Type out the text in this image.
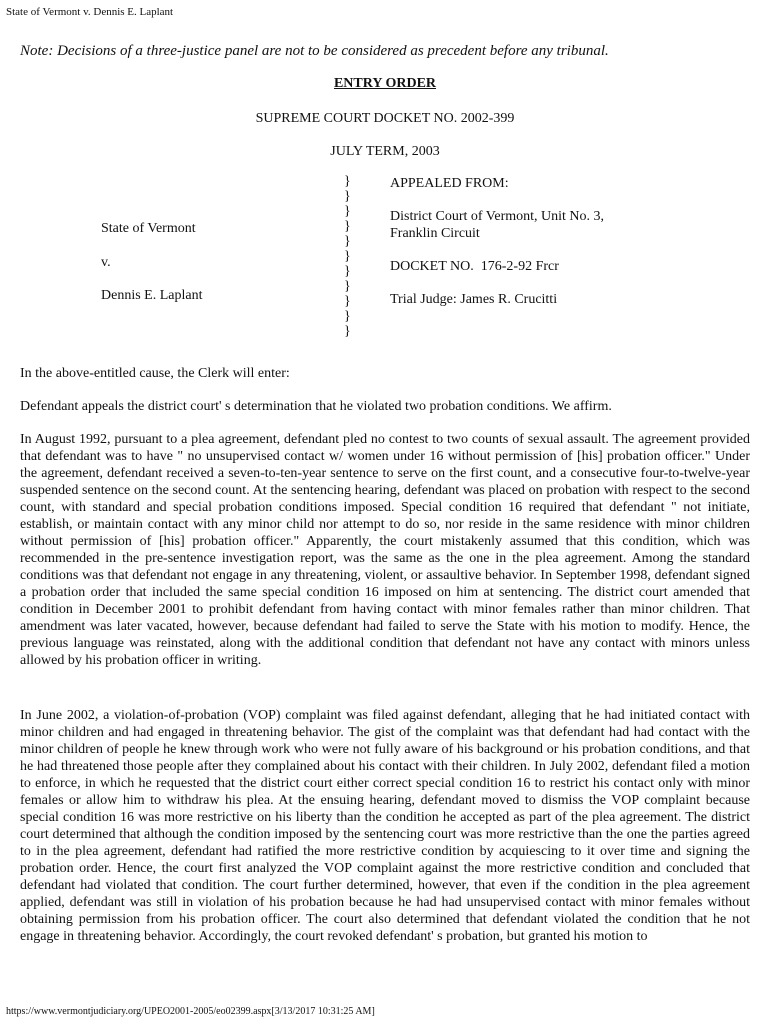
State of Vermont v. Dennis E. Laplant
Note: Decisions of a three-justice panel are not to be considered as precedent before any tribunal.
ENTRY ORDER
SUPREME COURT DOCKET NO. 2002-399
JULY TERM, 2003
}
}
}
}
}
}
}
}
}
}
}
State of Vermont
v.
Dennis E. Laplant
APPEALED FROM:
District Court of Vermont, Unit No. 3, Franklin Circuit
DOCKET NO.  176-2-92 Frcr
Trial Judge: James R. Crucitti
In the above-entitled cause, the Clerk will enter:
Defendant appeals the district court' s determination that he violated two probation conditions. We affirm.

In August 1992, pursuant to a plea agreement, defendant pled no contest to two counts of sexual assault. The agreement provided that defendant was to have " no unsupervised contact w/ women under 16 without permission of [his] probation officer." Under the agreement, defendant received a seven-to-ten-year sentence to serve on the first count, and a consecutive four-to-twelve-year suspended sentence on the second count. At the sentencing hearing, defendant was placed on probation with respect to the second count, with standard and special probation conditions imposed. Special condition 16 required that defendant " not initiate, establish, or maintain contact with any minor child nor attempt to do so, nor reside in the same residence with minor children without permission of [his] probation officer." Apparently, the court mistakenly assumed that this condition, which was recommended in the pre-sentence investigation report, was the same as the one in the plea agreement. Among the standard conditions was that defendant not engage in any threatening, violent, or assaultive behavior. In September 1998, defendant signed a probation order that included the same special condition 16 imposed on him at sentencing. The district court amended that condition in December 2001 to prohibit defendant from having contact with minor females rather than minor children. That amendment was later vacated, however, because defendant had failed to serve the State with his motion to modify. Hence, the previous language was reinstated, along with the additional condition that defendant not have any contact with minors unless allowed by his probation officer in writing.

In June 2002, a violation-of-probation (VOP) complaint was filed against defendant, alleging that he had initiated contact with minor children and had engaged in threatening behavior. The gist of the complaint was that defendant had had contact with the minor children of people he knew through work who were not fully aware of his background or his probation conditions, and that he had threatened those people after they complained about his contact with their children. In July 2002, defendant filed a motion to enforce, in which he requested that the district court either correct special condition 16 to restrict his contact only with minor females or allow him to withdraw his plea. At the ensuing hearing, defendant moved to dismiss the VOP complaint because special condition 16 was more restrictive on his liberty than the condition he accepted as part of the plea agreement. The district court determined that although the condition imposed by the sentencing court was more restrictive than the one the parties agreed to in the plea agreement, defendant had ratified the more restrictive condition by acquiescing to it over time and signing the probation order. Hence, the court first analyzed the VOP complaint against the more restrictive condition and concluded that defendant had violated that condition. The court further determined, however, that even if the condition in the plea agreement applied, defendant was still in violation of his probation because he had had unsupervised contact with minor females without obtaining permission from his probation officer. The court also determined that defendant violated the condition that he not engage in threatening behavior. Accordingly, the court revoked defendant' s probation, but granted his motion to

https://www.vermontjudiciary.org/UPEO2001-2005/eo02399.aspx[3/13/2017 10:31:25 AM]
